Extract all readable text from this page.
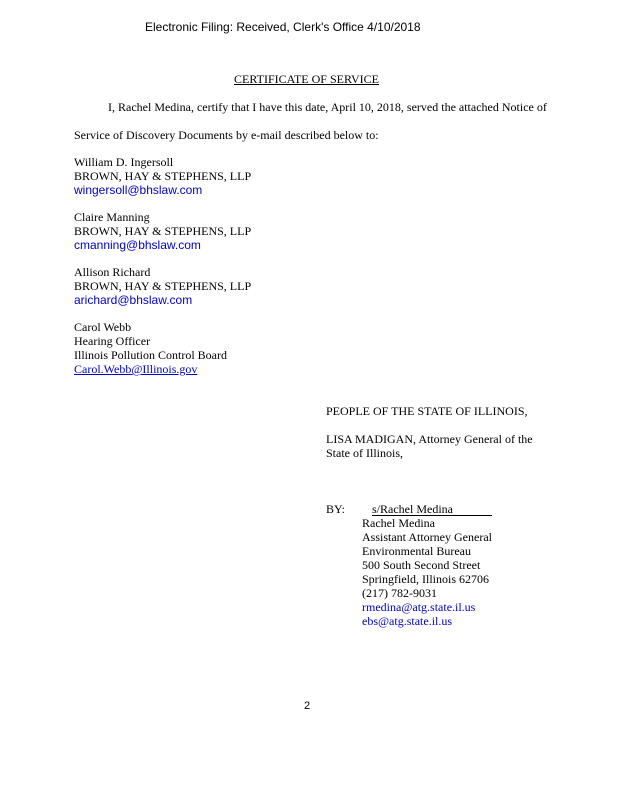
Electronic Filing: Received, Clerk's Office 4/10/2018
CERTIFICATE OF SERVICE
I, Rachel Medina, certify that I have this date, April 10, 2018, served the attached Notice of
Service of Discovery Documents by e-mail described below to:
William D. Ingersoll
BROWN, HAY & STEPHENS, LLP
wingersoll@bhslaw.com
Claire Manning
BROWN, HAY & STEPHENS, LLP
cmanning@bhslaw.com
Allison Richard
BROWN, HAY & STEPHENS, LLP
arichard@bhslaw.com
Carol Webb
Hearing Officer
Illinois Pollution Control Board
Carol.Webb@Illinois.gov
PEOPLE OF THE STATE OF ILLINOIS,
LISA MADIGAN, Attorney General of the
State of Illinois,
BY: s/Rachel Medina
Rachel Medina
Assistant Attorney General
Environmental Bureau
500 South Second Street
Springfield, Illinois 62706
(217) 782-9031
rmedina@atg.state.il.us
ebs@atg.state.il.us
2
